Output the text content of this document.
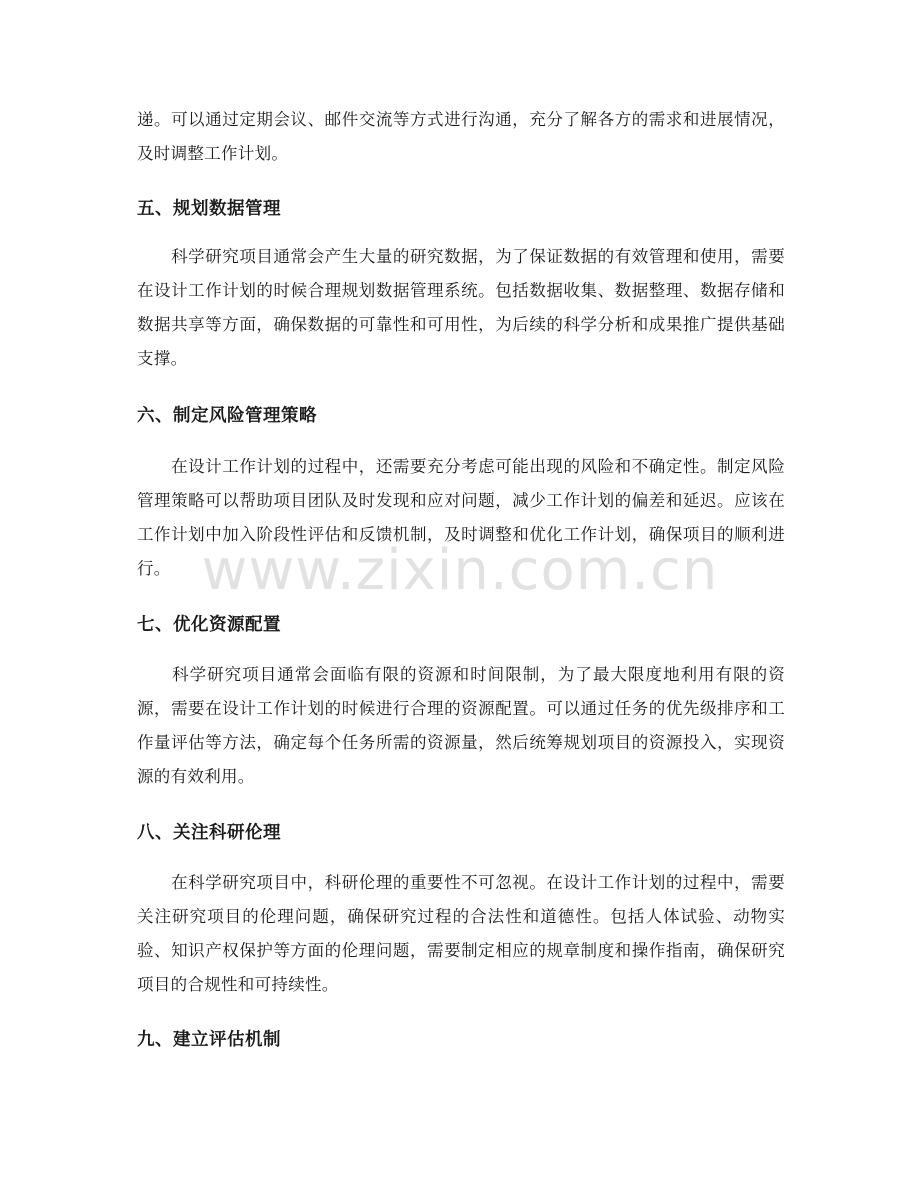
递。可以通过定期会议、邮件交流等方式进行沟通，充分了解各方的需求和进展情况，及时调整工作计划。

五、规划数据管理

　　科学研究项目通常会产生大量的研究数据，为了保证数据的有效管理和使用，需要在设计工作计划的时候合理规划数据管理系统。包括数据收集、数据整理、数据存储和数据共享等方面，确保数据的可靠性和可用性，为后续的科学分析和成果推广提供基础支撑。

六、制定风险管理策略

　　在设计工作计划的过程中，还需要充分考虑可能出现的风险和不确定性。制定风险管理策略可以帮助项目团队及时发现和应对问题，减少工作计划的偏差和延迟。应该在工作计划中加入阶段性评估和反馈机制，及时调整和优化工作计划，确保项目的顺利进行。

七、优化资源配置

　　科学研究项目通常会面临有限的资源和时间限制，为了最大限度地利用有限的资源，需要在设计工作计划的时候进行合理的资源配置。可以通过任务的优先级排序和工作量评估等方法，确定每个任务所需的资源量，然后统筹规划项目的资源投入，实现资源的有效利用。

八、关注科研伦理

　　在科学研究项目中，科研伦理的重要性不可忽视。在设计工作计划的过程中，需要关注研究项目的伦理问题，确保研究过程的合法性和道德性。包括人体试验、动物实验、知识产权保护等方面的伦理问题，需要制定相应的规章制度和操作指南，确保研究项目的合规性和可持续性。

九、建立评估机制
www.zixin.com.cn
